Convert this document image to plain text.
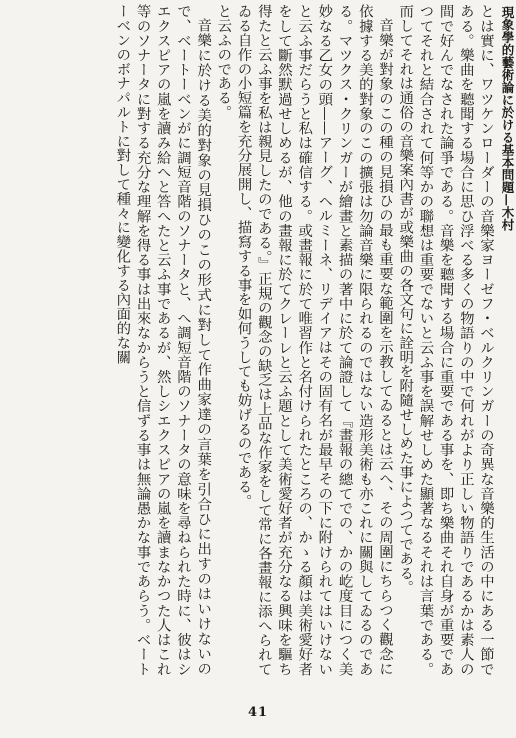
現象學的藝術論に於ける基本問題—木村

とは實に、ワツケンローダーの音樂家ヨーゼフ・ベルクリンガーの奇異な音樂的生活の中にある一節である。樂曲を聽聞する場合に思ひ浮べる多くの物語りの中で何れがより正しい物語りであるかは素人の間で好んでなされた論爭である。音樂を聽聞する場合に重要である事を、即ち樂曲それ自身が重要であつてそれと結合されて何等かの聯想は重要でないと云ふ事を誤解せしめた顯著なるそれは言葉である。而してそれは通俗の音樂案內書が或樂曲の各文句に詮明を附隨せしめた事によつてである。

音樂が對象のこの種の見損ひの最も重要な範圍を示教してゐるとは云へ、その周圍にちらつく觀念に依據する美的對象のこの擴張は勿論音樂に限られるのではない造形美術も亦これに關與してゐるのである。マツクス・クリンガーが繪畫と素描の著中に於て論證して『畫報の總てでの、かの屹度目につく美妙なる乙女の頭——アーグ、ヘルミーネ、リデイアはその固有名が最早その下に附けられてはいけないと云ふ事だらうと私は確信する。或畫報に於て唯習作と名付けられたところの、かゝる顏は美術愛好者をして斷然默過せしめるが、他の畫報に於てクレーレと云ふ題として美術愛好者が充分なる興味を驅ち得たと云ふ事を私は親見したのである。』正規の觀念の缺乏は上品な作家をして常に各畫報に添へられてゐる自作の小短篇を充分展開し、描寫する事を如何うしても妨げるのである。

と云ふのである。

音樂に於ける美的對象の見損ひのこの形式に對して作曲家達の言葉を引合ひに出すのはいけないので、ベートーベンがに調短音階のソナータと、へ調短音階のソナータの意味を尋ねられた時に、彼はシエクスピアの嵐を讀み給へと答へたと云ふ事であるが、然しシエクスピアの嵐を讀まなかつた人はこれ等のソナータに對する充分な理解を得る事は出來なからうと信ずる事は無論愚かな事であらう。ベートーベンのボナパルトに對して種々に變化する內面的な關

41
